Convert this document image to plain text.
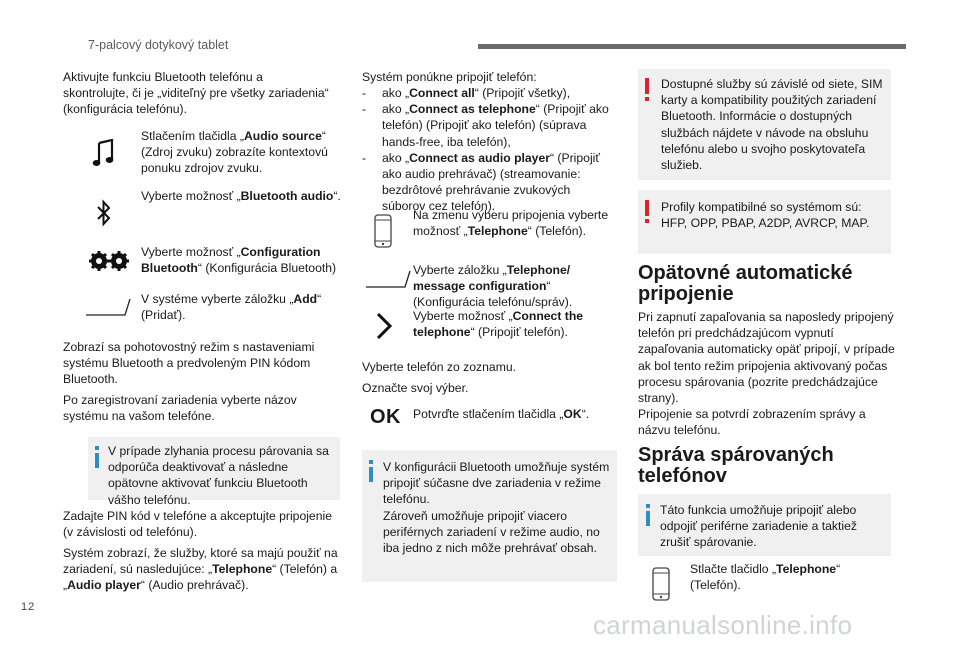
7-palcový dotykový tablet

Aktivujte funkciu Bluetooth telefónu a skontrolujte, či je „viditeľný pre všetky zariadenia“ (konfigurácia telefónu).

Stlačením tlačidla „Audio source“ (Zdroj zvuku) zobrazíte kontextovú ponuku zdrojov zvuku.

Vyberte možnosť „Bluetooth audio“.

Vyberte možnosť „Configuration Bluetooth“ (Konfigurácia Bluetooth)

V systéme vyberte záložku „Add“ (Pridať).

Zobrazí sa pohotovostný režim s nastaveniami systému Bluetooth a predvoleným PIN kódom Bluetooth.

Po zaregistrovaní zariadenia vyberte názov systému na vašom telefóne.

V prípade zlyhania procesu párovania sa odporúča deaktivovať a následne opätovne aktivovať funkciu Bluetooth vášho telefónu.

Zadajte PIN kód v telefóne a akceptujte pripojenie (v závislosti od telefónu).

Systém zobrazí, že služby, ktoré sa majú použiť na zariadení, sú nasledujúce: „Telephone“ (Telefón) a „Audio player“ (Audio prehrávač).

Systém ponúkne pripojiť telefón:

-	ako „Connect all“ (Pripojiť všetky),
-	ako „Connect as telephone“ (Pripojiť ako telefón) (Pripojiť ako telefón) (súprava hands-free, iba telefón),
-	ako „Connect as audio player“ (Pripojiť ako audio prehrávač) (streamovanie: bezdrôtové prehrávanie zvukových súborov cez telefón).

Na zmenu výberu pripojenia vyberte možnosť „Telephone“ (Telefón).

Vyberte záložku „Telephone/ message configuration“ (Konfigurácia telefónu/správ).

Vyberte možnosť „Connect the telephone“ (Pripojiť telefón).

Vyberte telefón zo zoznamu.

Označte svoj výber.

OK Potvrďte stlačením tlačidla „OK“.

V konfigurácii Bluetooth umožňuje systém pripojiť súčasne dve zariadenia v režime telefónu.
Zároveň umožňuje pripojiť viacero periférnych zariadení v režime audio, no iba jedno z nich môže prehrávať obsah.
Dostupné služby sú závislé od siete, SIM karty a kompatibility použitých zariadení Bluetooth. Informácie o dostupných službách nájdete v návode na obsluhu telefónu alebo u svojho poskytovateľa služieb.
Profily kompatibilné so systémom sú: HFP, OPP, PBAP, A2DP, AVRCP, MAP.
Opätovné automatické pripojenie

Pri zapnutí zapaľovania sa naposledy pripojený telefón pri predchádzajúcom vypnutí zapaľovania automaticky opäť pripojí, v prípade ak bol tento režim pripojenia aktivovaný počas procesu spárovania (pozrite predchádzajúce strany).

Pripojenie sa potvrdí zobrazením správy a názvu telefónu.

Správa spárovaných telefónov
Táto funkcia umožňuje pripojiť alebo odpojiť periférne zariadenie a taktiež zrušiť spárovanie.

Stlačte tlačidlo „Telephone“ (Telefón).

12
carmanualsonline.info
